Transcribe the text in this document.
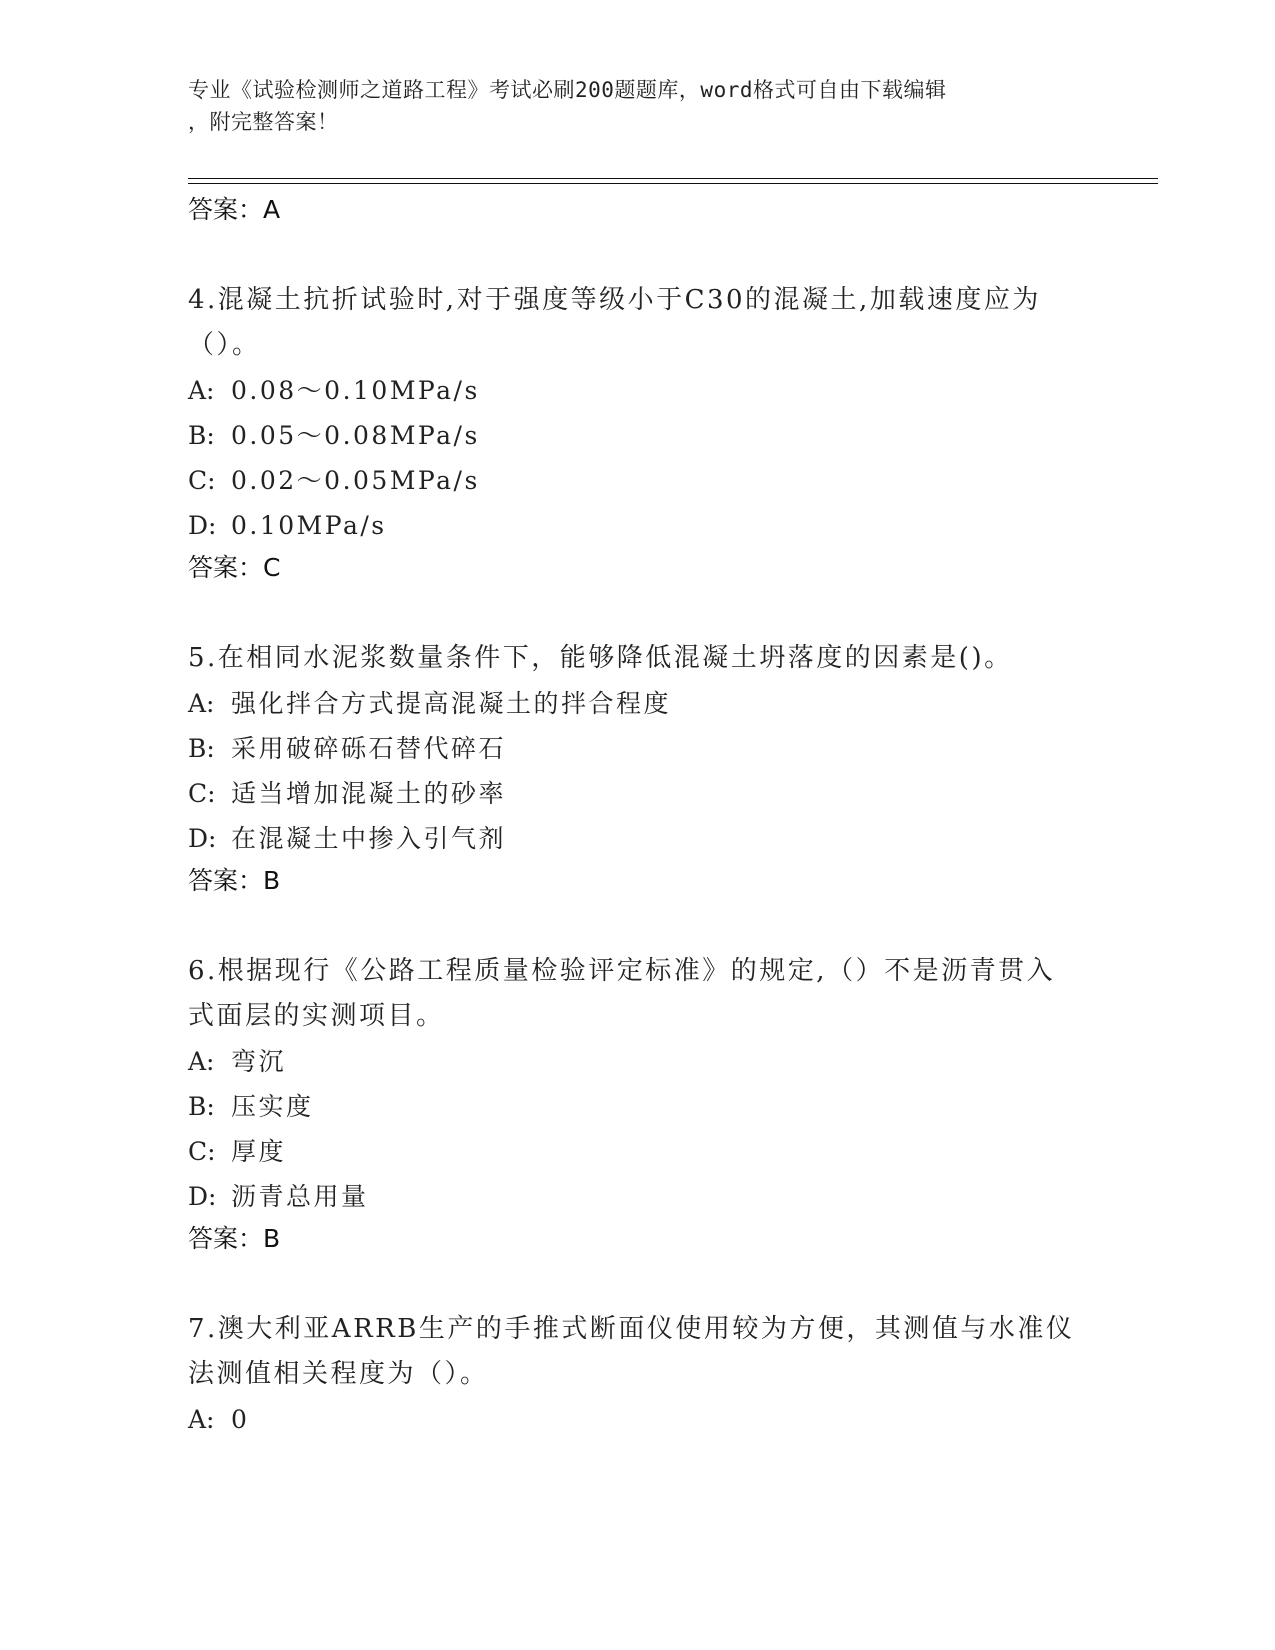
专业《试验检测师之道路工程》考试必刷200题题库，word格式可自由下载编辑
，附完整答案！
答案：A
4.混凝土抗折试验时,对于强度等级小于C30的混凝土,加载速度应为
（）。
A: 0.08～0.10MPa/s
B: 0.05～0.08MPa/s
C: 0.02～0.05MPa/s
D: 0.10MPa/s
答案：C
5.在相同水泥浆数量条件下，能够降低混凝土坍落度的因素是()。
A: 强化拌合方式提高混凝土的拌合程度
B: 采用破碎砾石替代碎石
C: 适当增加混凝土的砂率
D: 在混凝土中掺入引气剂
答案：B
6.根据现行《公路工程质量检验评定标准》的规定,（）不是沥青贯入
式面层的实测项目。
A: 弯沉
B: 压实度
C: 厚度
D: 沥青总用量
答案：B
7.澳大利亚ARRB生产的手推式断面仪使用较为方便，其测值与水准仪
法测值相关程度为（）。
A: 0
